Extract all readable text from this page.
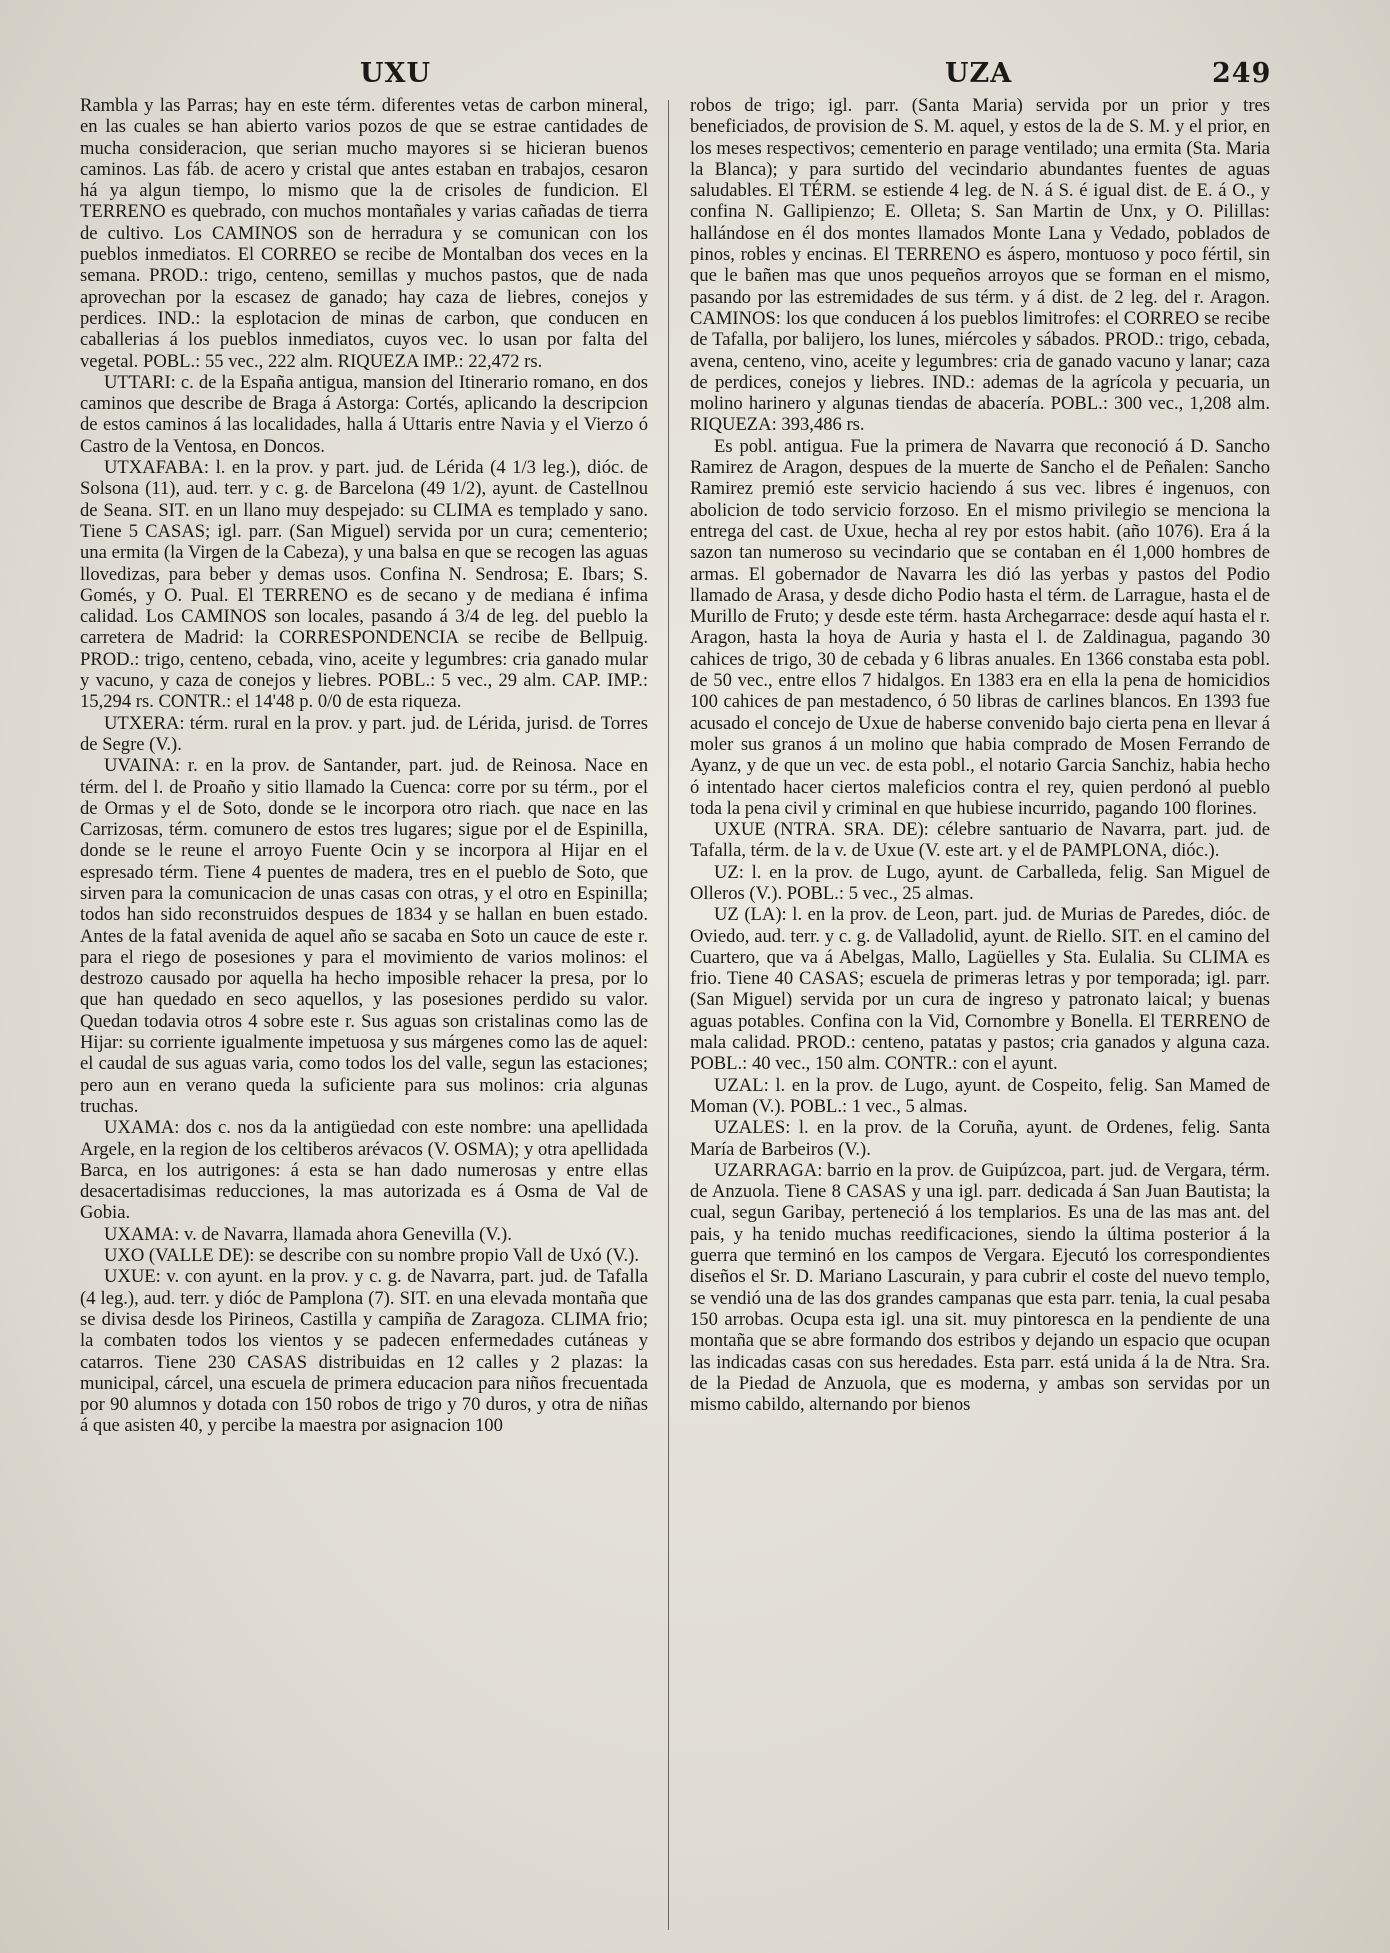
UXU	UZA	249

Rambla y las Parras; hay en este térm. diferentes vetas de carbon mineral, en las cuales se han abierto varios pozos de que se estrae cantidades de mucha consideracion, que serian mucho mayores si se hicieran buenos caminos. Las fáb. de acero y cristal que antes estaban en trabajos, cesaron há ya algun tiempo, lo mismo que la de crisoles de fundicion. El TERRENO es quebrado, con muchos montañales y varias cañadas de tierra de cultivo. Los CAMINOS son de herradura y se comunican con los pueblos inmediatos. El CORREO se recibe de Montalban dos veces en la semana. PROD.: trigo, centeno, semillas y muchos pastos, que de nada aprovechan por la escasez de ganado; hay caza de liebres, conejos y perdices. IND.: la esplotacion de minas de carbon, que conducen en caballerias á los pueblos inmediatos, cuyos vec. lo usan por falta del vegetal. POBL.: 55 vec., 222 alm. RIQUEZA IMP.: 22,472 rs.

UTTARI: c. de la España antigua, mansion del Itinerario romano, en dos caminos que describe de Braga á Astorga: Cortés, aplicando la descripcion de estos caminos á las localidades, halla á Uttaris entre Navia y el Vierzo ó Castro de la Ventosa, en Doncos.

UTXAFABA: l. en la prov. y part. jud. de Lérida (4 1/3 leg.), dióc. de Solsona (11), aud. terr. y c. g. de Barcelona (49 1/2), ayunt. de Castellnou de Seana. SIT. en un llano muy despejado: su CLIMA es templado y sano. Tiene 5 CASAS; igl. parr. (San Miguel) servida por un cura; cementerio; una ermita (la Virgen de la Cabeza), y una balsa en que se recogen las aguas llovedizas, para beber y demas usos. Confina N. Sendrosa; E. Ibars; S. Gomés, y O. Pual. El TERRENO es de secano y de mediana é infima calidad. Los CAMINOS son locales, pasando á 3/4 de leg. del pueblo la carretera de Madrid: la CORRESPONDENCIA se recibe de Bellpuig. PROD.: trigo, centeno, cebada, vino, aceite y legumbres: cria ganado mular y vacuno, y caza de conejos y liebres. POBL.: 5 vec., 29 alm. CAP. IMP.: 15,294 rs. CONTR.: el 14'48 p. 0/0 de esta riqueza.

UTXERA: térm. rural en la prov. y part. jud. de Lérida, jurisd. de Torres de Segre (V.).

UVAINA: r. en la prov. de Santander, part. jud. de Reinosa. Nace en térm. del l. de Proaño y sitio llamado la Cuenca: corre por su térm., por el de Ormas y el de Soto, donde se le incorpora otro riach. que nace en las Carrizosas, térm. comunero de estos tres lugares; sigue por el de Espinilla, donde se le reune el arroyo Fuente Ocin y se incorpora al Hijar en el espresado térm. Tiene 4 puentes de madera, tres en el pueblo de Soto, que sirven para la comunicacion de unas casas con otras, y el otro en Espinilla; todos han sido reconstruidos despues de 1834 y se hallan en buen estado. Antes de la fatal avenida de aquel año se sacaba en Soto un cauce de este r. para el riego de posesiones y para el movimiento de varios molinos: el destrozo causado por aquella ha hecho imposible rehacer la presa, por lo que han quedado en seco aquellos, y las posesiones perdido su valor. Quedan todavia otros 4 sobre este r. Sus aguas son cristalinas como las de Hijar: su corriente igualmente impetuosa y sus márgenes como las de aquel: el caudal de sus aguas varia, como todos los del valle, segun las estaciones; pero aun en verano queda la suficiente para sus molinos: cria algunas truchas.

UXAMA: dos c. nos da la antigüedad con este nombre: una apellidada Argele, en la region de los celtiberos arévacos (V. OSMA); y otra apellidada Barca, en los autrigones: á esta se han dado numerosas y entre ellas desacertadisimas reducciones, la mas autorizada es á Osma de Val de Gobia.

UXAMA: v. de Navarra, llamada ahora Genevilla (V.).

UXO (VALLE DE): se describe con su nombre propio Vall de Uxó (V.).

UXUE: v. con ayunt. en la prov. y c. g. de Navarra, part. jud. de Tafalla (4 leg.), aud. terr. y dióc de Pamplona (7). SIT. en una elevada montaña que se divisa desde los Pirineos, Castilla y campiña de Zaragoza. CLIMA frio; la combaten todos los vientos y se padecen enfermedades cutáneas y catarros. Tiene 230 CASAS distribuidas en 12 calles y 2 plazas: la municipal, cárcel, una escuela de primera educacion para niños frecuentada por 90 alumnos y dotada con 150 robos de trigo y 70 duros, y otra de niñas á que asisten 40, y percibe la maestra por asignacion 100

robos de trigo; igl. parr. (Santa Maria) servida por un prior y tres beneficiados, de provision de S. M. aquel, y estos de la de S. M. y el prior, en los meses respectivos; cementerio en parage ventilado; una ermita (Sta. Maria la Blanca); y para surtido del vecindario abundantes fuentes de aguas saludables. El TÉRM. se estiende 4 leg. de N. á S. é igual dist. de E. á O., y confina N. Gallipienzo; E. Olleta; S. San Martin de Unx, y O. Pilillas: hallándose en él dos montes llamados Monte Lana y Vedado, poblados de pinos, robles y encinas. El TERRENO es áspero, montuoso y poco fértil, sin que le bañen mas que unos pequeños arroyos que se forman en el mismo, pasando por las estremidades de sus térm. y á dist. de 2 leg. del r. Aragon. CAMINOS: los que conducen á los pueblos limitrofes: el CORREO se recibe de Tafalla, por balijero, los lunes, miércoles y sábados. PROD.: trigo, cebada, avena, centeno, vino, aceite y legumbres: cria de ganado vacuno y lanar; caza de perdices, conejos y liebres. IND.: ademas de la agrícola y pecuaria, un molino harinero y algunas tiendas de abacería. POBL.: 300 vec., 1,208 alm. RIQUEZA: 393,486 rs.

Es pobl. antigua. Fue la primera de Navarra que reconoció á D. Sancho Ramirez de Aragon, despues de la muerte de Sancho el de Peñalen: Sancho Ramirez premió este servicio haciendo á sus vec. libres é ingenuos, con abolicion de todo servicio forzoso. En el mismo privilegio se menciona la entrega del cast. de Uxue, hecha al rey por estos habit. (año 1076). Era á la sazon tan numeroso su vecindario que se contaban en él 1,000 hombres de armas. El gobernador de Navarra les dió las yerbas y pastos del Podio llamado de Arasa, y desde dicho Podio hasta el térm. de Larrague, hasta el de Murillo de Fruto; y desde este térm. hasta Archegarrace: desde aquí hasta el r. Aragon, hasta la hoya de Auria y hasta el l. de Zaldinagua, pagando 30 cahices de trigo, 30 de cebada y 6 libras anuales. En 1366 constaba esta pobl. de 50 vec., entre ellos 7 hidalgos. En 1383 era en ella la pena de homicidios 100 cahices de pan mestadenco, ó 50 libras de carlines blancos. En 1393 fue acusado el concejo de Uxue de haberse convenido bajo cierta pena en llevar á moler sus granos á un molino que habia comprado de Mosen Ferrando de Ayanz, y de que un vec. de esta pobl., el notario Garcia Sanchiz, habia hecho ó intentado hacer ciertos maleficios contra el rey, quien perdonó al pueblo toda la pena civil y criminal en que hubiese incurrido, pagando 100 florines.

UXUE (NTRA. SRA. DE): célebre santuario de Navarra, part. jud. de Tafalla, térm. de la v. de Uxue (V. este art. y el de PAMPLONA, dióc.).

UZ: l. en la prov. de Lugo, ayunt. de Carballeda, felig. San Miguel de Olleros (V.). POBL.: 5 vec., 25 almas.

UZ (LA): l. en la prov. de Leon, part. jud. de Murias de Paredes, dióc. de Oviedo, aud. terr. y c. g. de Valladolid, ayunt. de Riello. SIT. en el camino del Cuartero, que va á Abelgas, Mallo, Lagüelles y Sta. Eulalia. Su CLIMA es frio. Tiene 40 CASAS; escuela de primeras letras y por temporada; igl. parr. (San Miguel) servida por un cura de ingreso y patronato laical; y buenas aguas potables. Confina con la Vid, Cornombre y Bonella. El TERRENO de mala calidad. PROD.: centeno, patatas y pastos; cria ganados y alguna caza. POBL.: 40 vec., 150 alm. CONTR.: con el ayunt.

UZAL: l. en la prov. de Lugo, ayunt. de Cospeito, felig. San Mamed de Moman (V.). POBL.: 1 vec., 5 almas.

UZALES: l. en la prov. de la Coruña, ayunt. de Ordenes, felig. Santa María de Barbeiros (V.).

UZARRAGA: barrio en la prov. de Guipúzcoa, part. jud. de Vergara, térm. de Anzuola. Tiene 8 CASAS y una igl. parr. dedicada á San Juan Bautista; la cual, segun Garibay, perteneció á los templarios. Es una de las mas ant. del pais, y ha tenido muchas reedificaciones, siendo la última posterior á la guerra que terminó en los campos de Vergara. Ejecutó los correspondientes diseños el Sr. D. Mariano Lascurain, y para cubrir el coste del nuevo templo, se vendió una de las dos grandes campanas que esta parr. tenia, la cual pesaba 150 arrobas. Ocupa esta igl. una sit. muy pintoresca en la pendiente de una montaña que se abre formando dos estribos y dejando un espacio que ocupan las indicadas casas con sus heredades. Esta parr. está unida á la de Ntra. Sra. de la Piedad de Anzuola, que es moderna, y ambas son servidas por un mismo cabildo, alternando por bienos
